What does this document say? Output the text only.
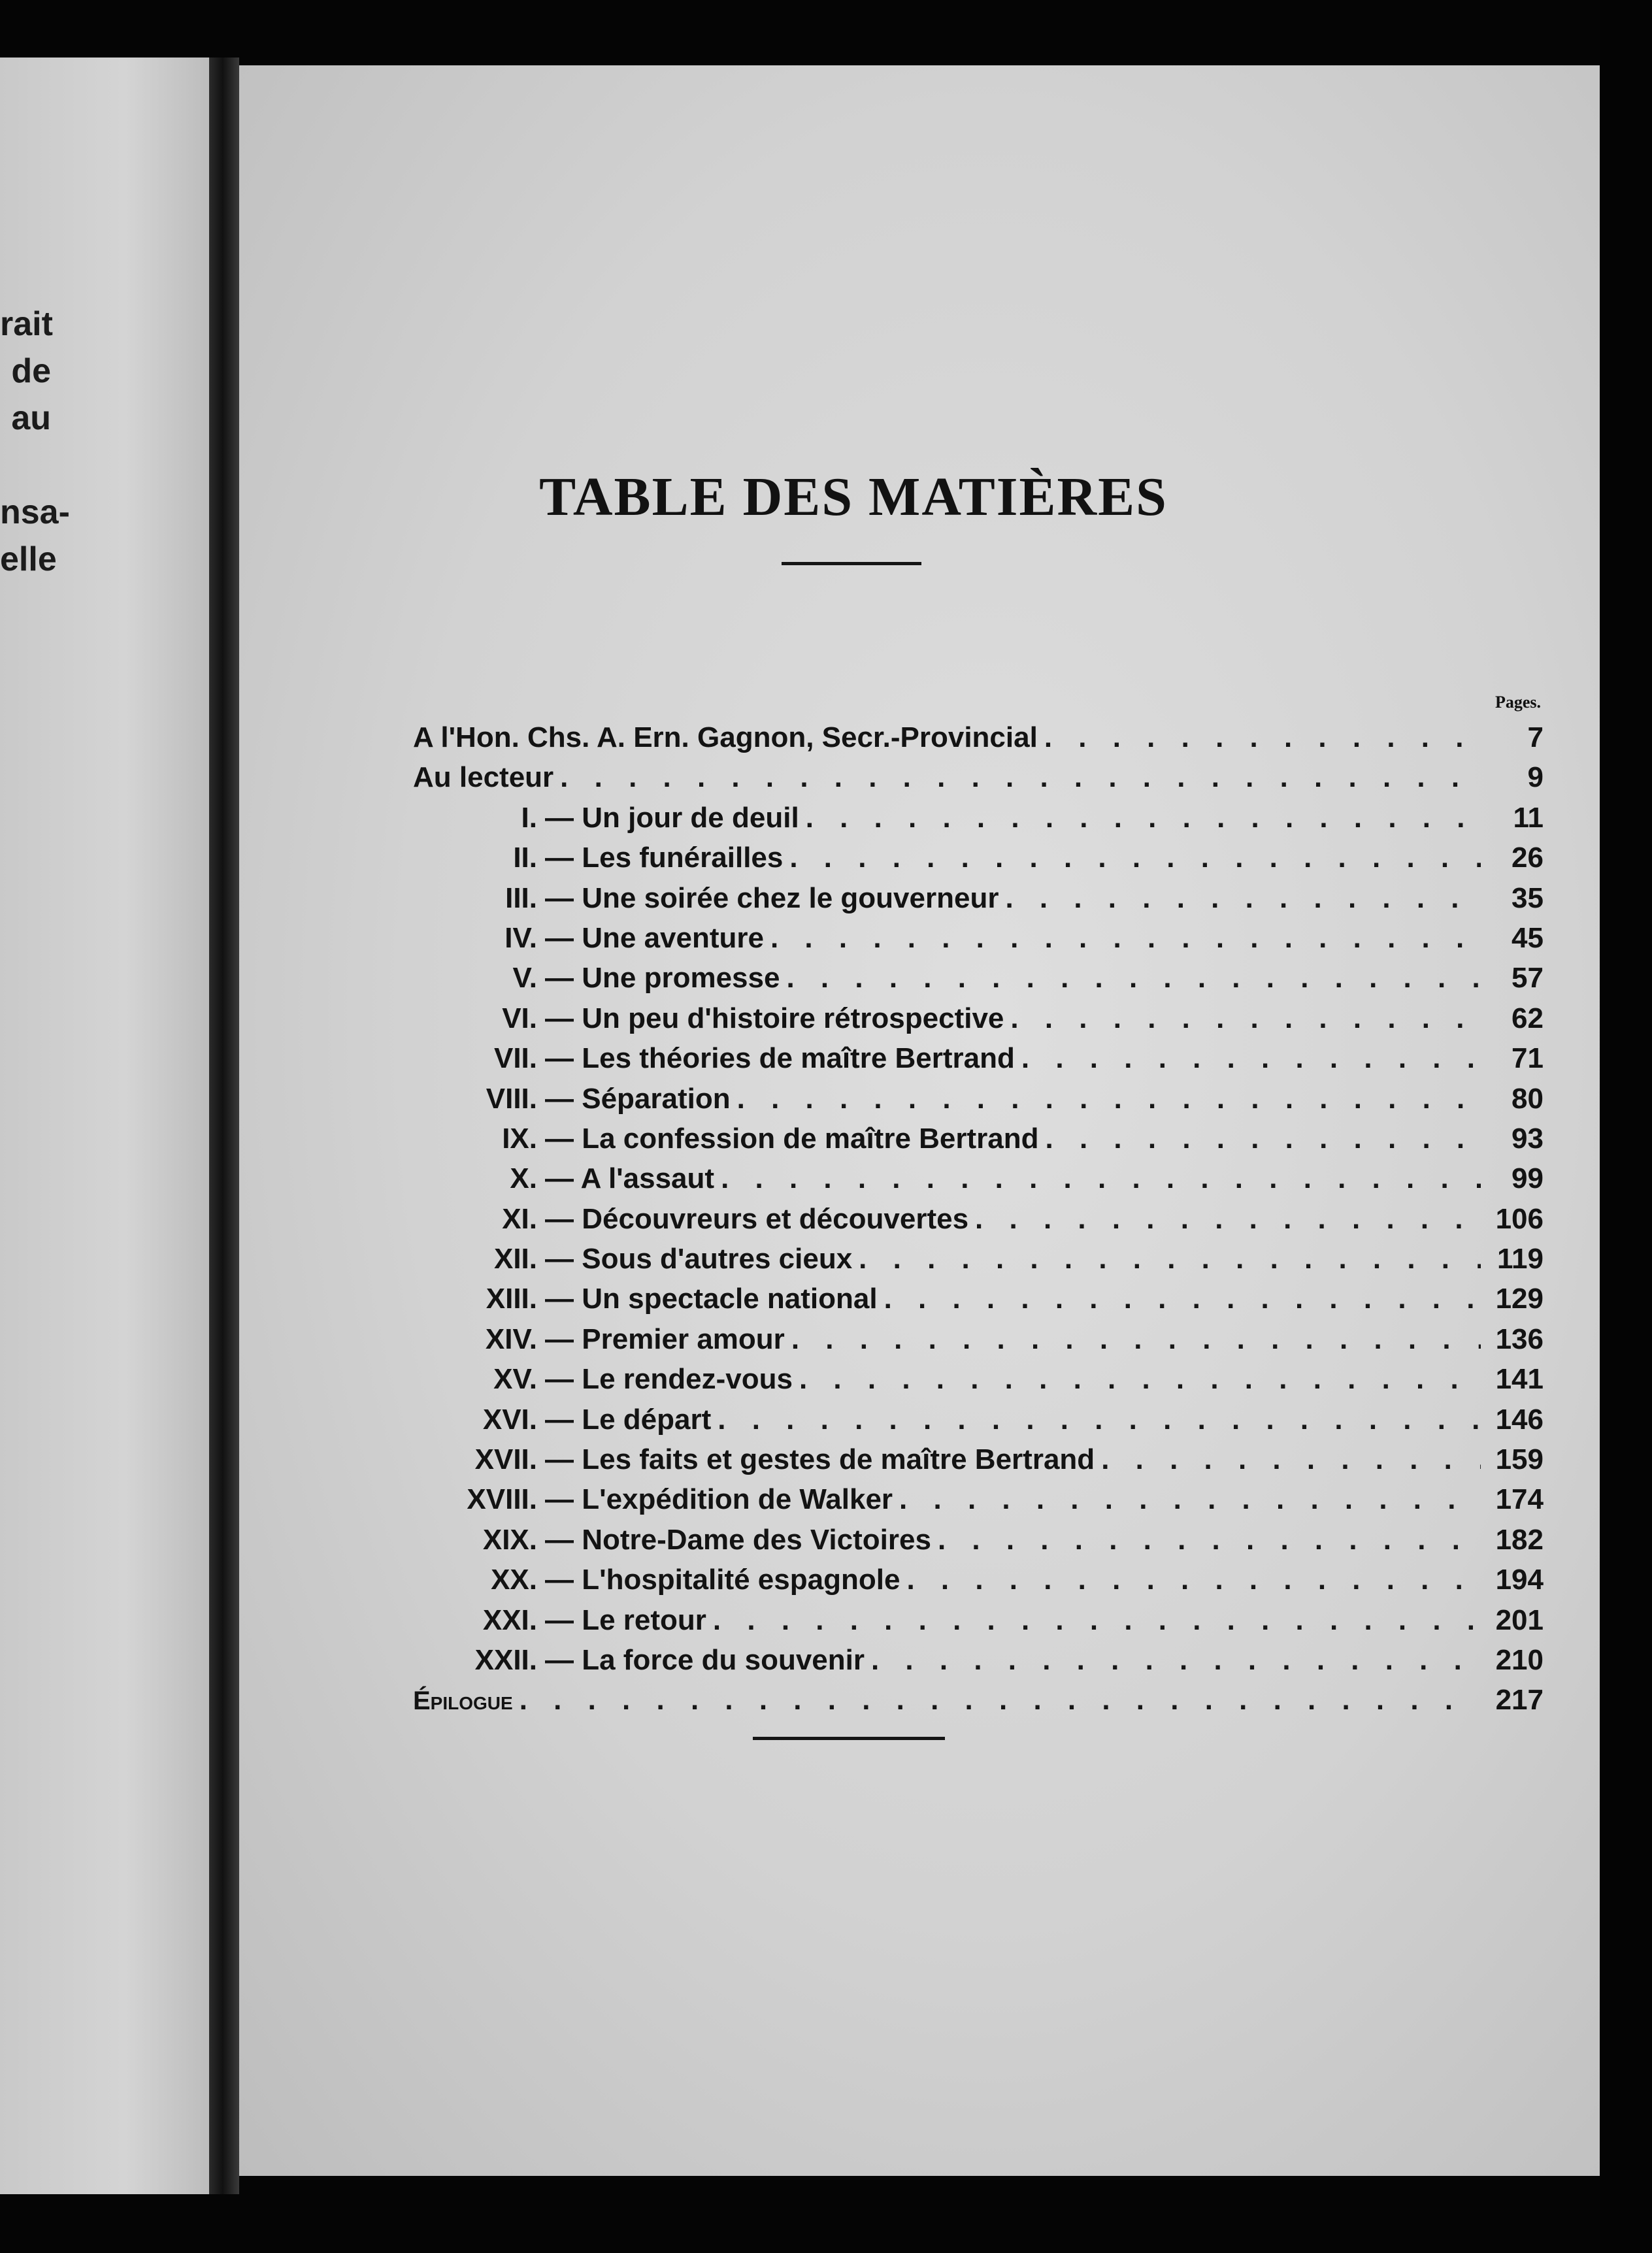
rait
de
au

nsa-
elle
TABLE DES MATIÈRES
Pages.
A l'Hon. Chs. A. Ern. Gagnon, Secr.-Provincial . . .	7
Au lecteur . . .	9
I. — Un jour de deuil . . .	11
II. — Les funérailles . . .	26
III. — Une soirée chez le gouverneur . . .	35
IV. — Une aventure . . .	45
V. — Une promesse . . .	57
VI. — Un peu d'histoire rétrospective . . .	62
VII. — Les théories de maître Bertrand . . .	71
VIII. — Séparation . . .	80
IX. — La confession de maître Bertrand . . .	93
X. — A l'assaut . . .	99
XI. — Découvreurs et découvertes . . .	106
XII. — Sous d'autres cieux . . .	119
XIII. — Un spectacle national . . .	129
XIV. — Premier amour . . .	136
XV. — Le rendez-vous . . .	141
XVI. — Le départ . . .	146
XVII. — Les faits et gestes de maître Bertrand . . .	159
XVIII. — L'expédition de Walker . . .	174
XIX. — Notre-Dame des Victoires . . .	182
XX. — L'hospitalité espagnole . . .	194
XXI. — Le retour . . .	201
XXII. — La force du souvenir . . .	210
Épilogue . . .	217
